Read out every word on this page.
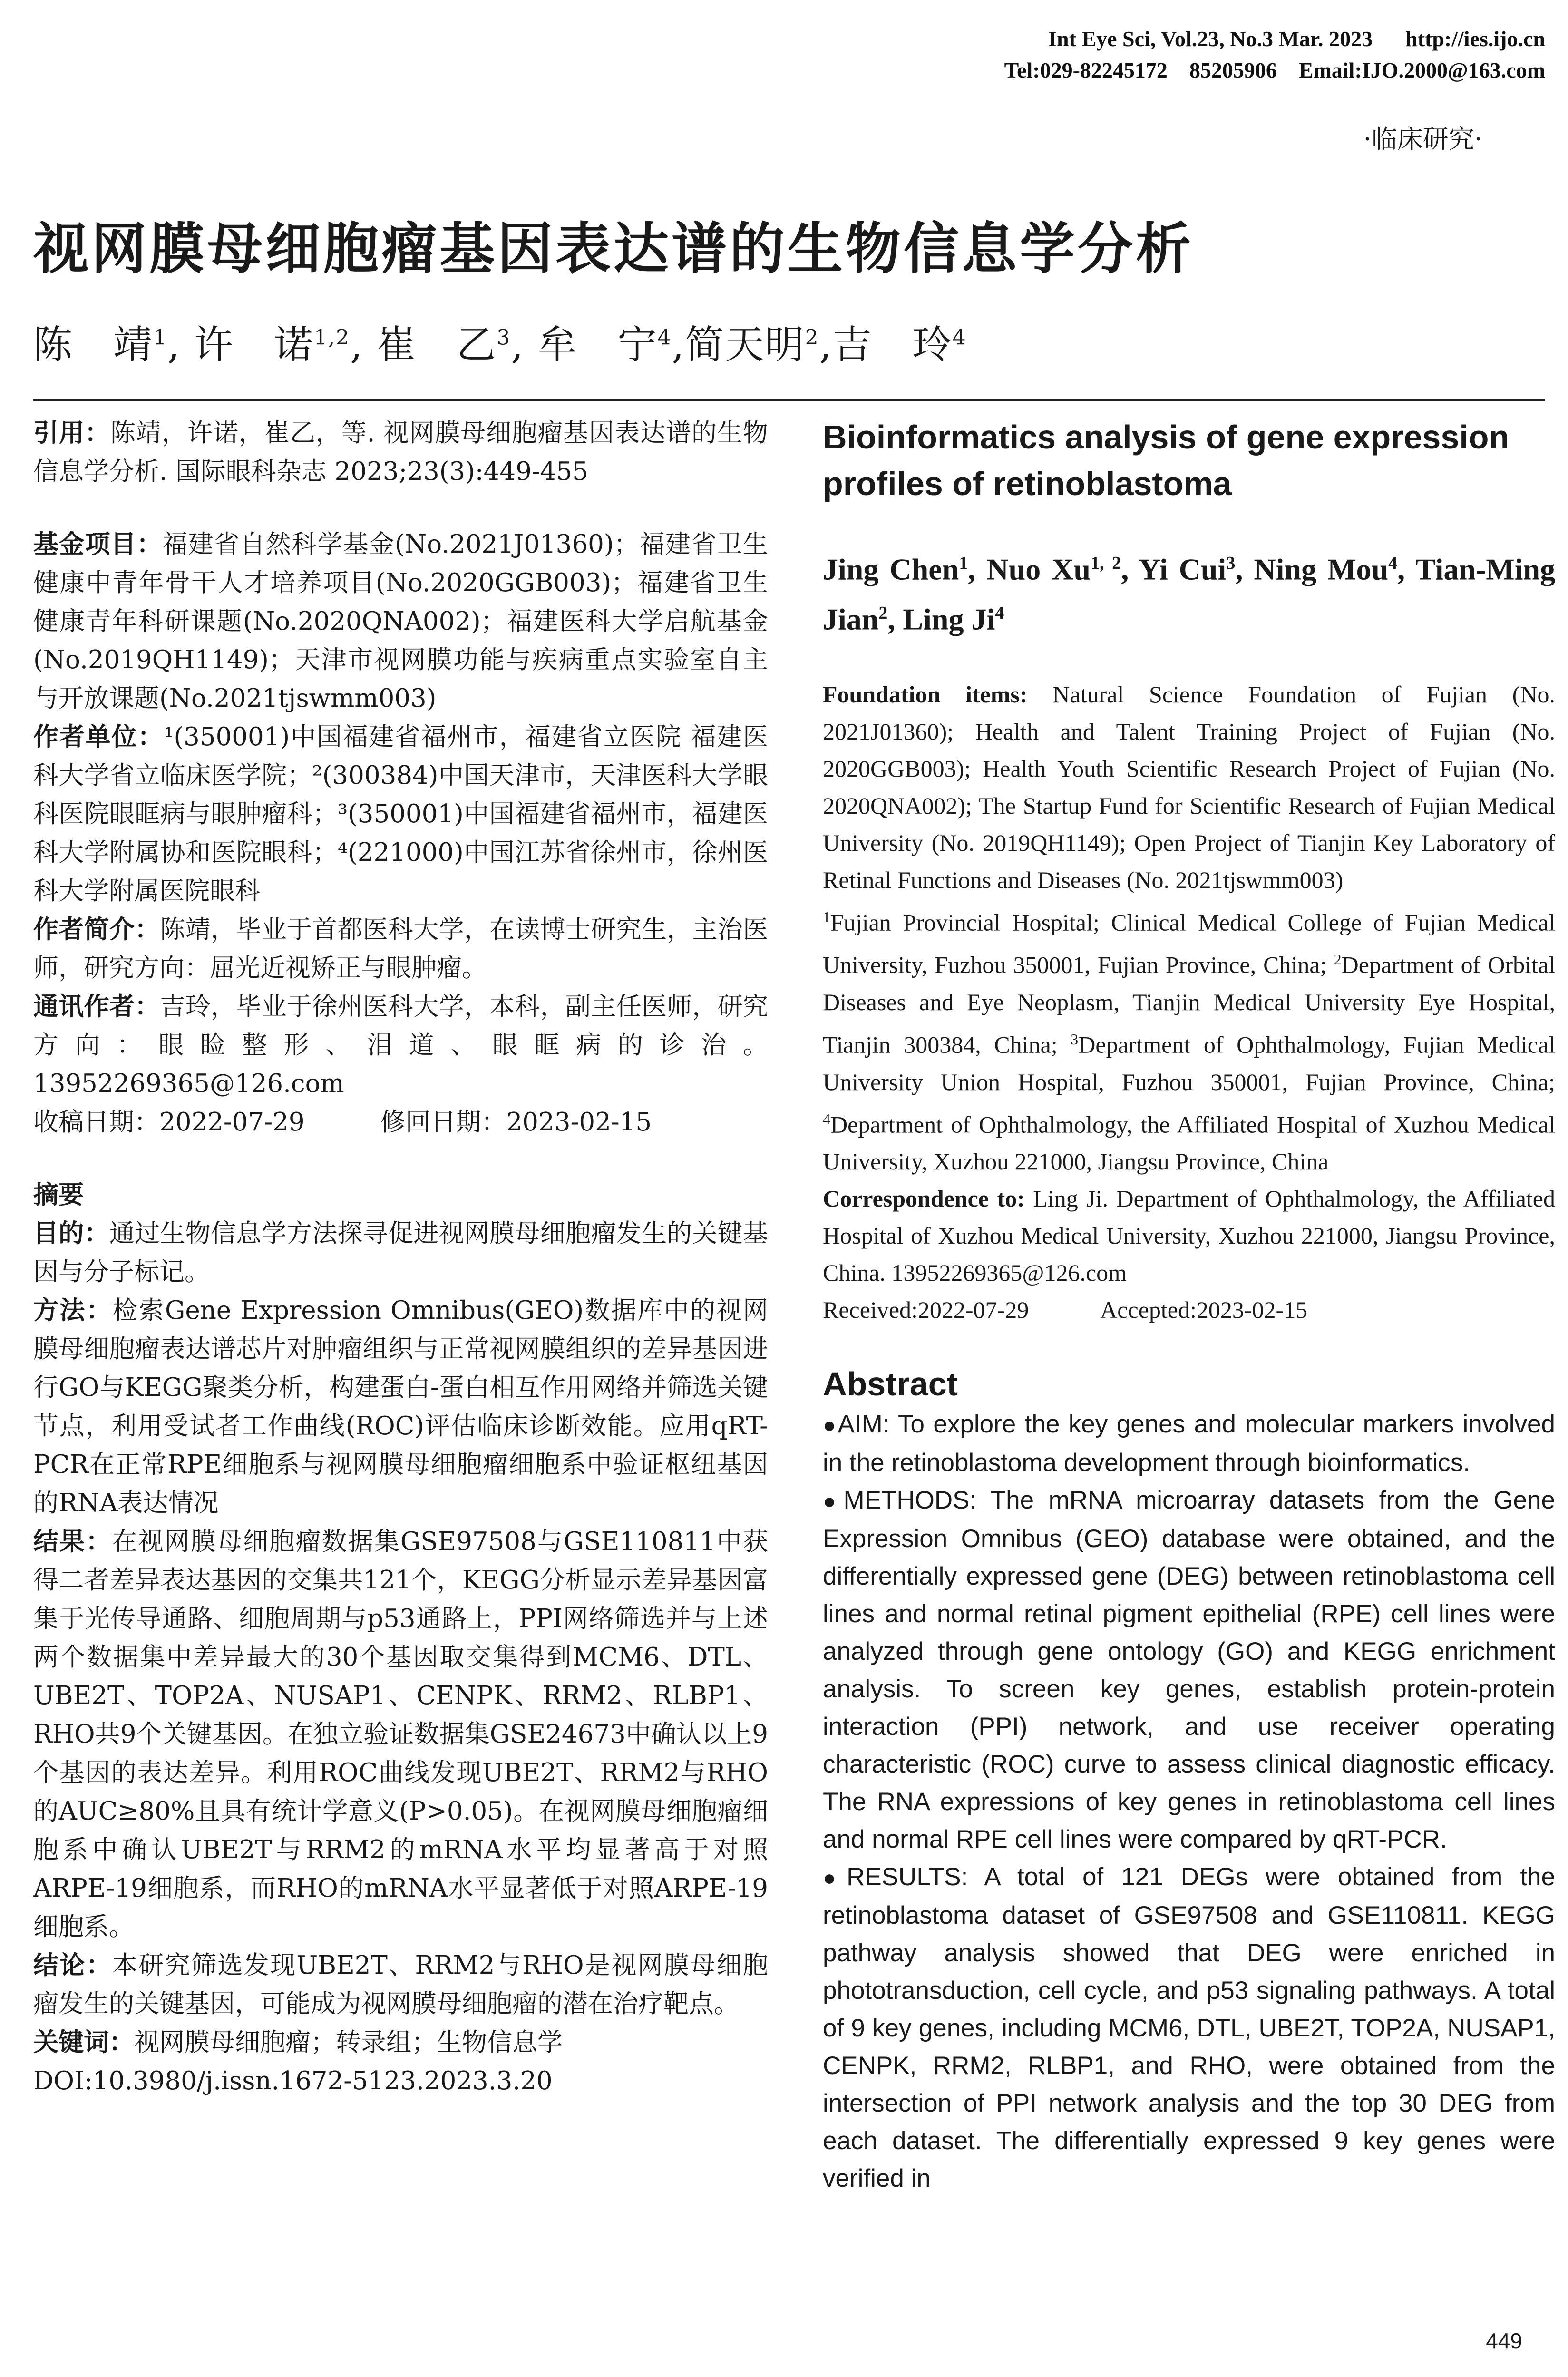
Int Eye Sci, Vol.23, No.3 Mar. 2023 http://ies.ijo.cn
Tel:029-82245172 85205906 Email:IJO.2000@163.com
·临床研究·
视网膜母细胞瘤基因表达谱的生物信息学分析
陈　靖$^1$, 许　诺$^{1,2}$, 崔　乙$^3$, 牟　宁$^4$,简天明$^2$,吉　玲$^4$

引用：陈靖，许诺，崔乙，等. 视网膜母细胞瘤基因表达谱的生物信息学分析. 国际眼科杂志 2023;23(3):449-455

基金项目：福建省自然科学基金(No.2021J01360)；福建省卫生健康中青年骨干人才培养项目(No.2020GGB003)；福建省卫生健康青年科研课题(No.2020QNA002)；福建医科大学启航基金(No.2019QH1149)；天津市视网膜功能与疾病重点实验室自主与开放课题(No.2021tjswmm003)

作者单位：¹(350001)中国福建省福州市，福建省立医院 福建医科大学省立临床医学院；²(300384)中国天津市，天津医科大学眼科医院眼眶病与眼肿瘤科；³(350001)中国福建省福州市，福建医科大学附属协和医院眼科；⁴(221000)中国江苏省徐州市，徐州医科大学附属医院眼科

作者简介：陈靖，毕业于首都医科大学，在读博士研究生，主治医师，研究方向：屈光近视矫正与眼肿瘤。

通讯作者：吉玲，毕业于徐州医科大学，本科，副主任医师，研究方向：眼睑整形、泪道、眼眶病的诊治。13952269365@126.com

收稿日期：2022-07-29　　　	修回日期：2023-02-15

摘要

目的：通过生物信息学方法探寻促进视网膜母细胞瘤发生的关键基因与分子标记。

方法：检索Gene Expression Omnibus(GEO)数据库中的视网膜母细胞瘤表达谱芯片对肿瘤组织与正常视网膜组织的差异基因进行GO与KEGG聚类分析，构建蛋白-蛋白相互作用网络并筛选关键节点，利用受试者工作曲线(ROC)评估临床诊断效能。应用qRT-PCR在正常RPE细胞系与视网膜母细胞瘤细胞系中验证枢纽基因的RNA表达情况

结果：在视网膜母细胞瘤数据集GSE97508与GSE110811中获得二者差异表达基因的交集共121个，KEGG分析显示差异基因富集于光传导通路、细胞周期与p53通路上，PPI网络筛选并与上述两个数据集中差异最大的30个基因取交集得到MCM6、DTL、UBE2T、TOP2A、NUSAP1、CENPK、RRM2、RLBP1、RHO共9个关键基因。在独立验证数据集GSE24673中确认以上9个基因的表达差异。利用ROC曲线发现UBE2T、RRM2与RHO的AUC≥80%且具有统计学意义(P>0.05)。在视网膜母细胞瘤细胞系中确认UBE2T与RRM2的mRNA水平均显著高于对照ARPE-19细胞系，而RHO的mRNA水平显著低于对照ARPE-19细胞系。

结论：本研究筛选发现UBE2T、RRM2与RHO是视网膜母细胞瘤发生的关键基因，可能成为视网膜母细胞瘤的潜在治疗靶点。

关键词：视网膜母细胞瘤；转录组；生物信息学

DOI:10.3980/j.issn.1672-5123.2023.3.20

Bioinformatics analysis of gene expression profiles of retinoblastoma

Jing Chen$^1$, Nuo Xu$^{1, 2}$, Yi Cui$^3$, Ning Mou$^4$, Tian-Ming Jian$^2$, Ling Ji$^4$

Foundation items: Natural Science Foundation of Fujian (No. 2021J01360); Health and Talent Training Project of Fujian (No. 2020GGB003); Health Youth Scientific Research Project of Fujian (No. 2020QNA002); The Startup Fund for Scientific Research of Fujian Medical University (No. 2019QH1149); Open Project of Tianjin Key Laboratory of Retinal Functions and Diseases (No. 2021tjswmm003)

$^1$Fujian Provincial Hospital; Clinical Medical College of Fujian Medical University, Fuzhou 350001, Fujian Province, China; $^2$Department of Orbital Diseases and Eye Neoplasm, Tianjin Medical University Eye Hospital, Tianjin 300384, China; $^3$Department of Ophthalmology, Fujian Medical University Union Hospital, Fuzhou 350001, Fujian Province, China; $^4$Department of Ophthalmology, the Affiliated Hospital of Xuzhou Medical University, Xuzhou 221000, Jiangsu Province, China

Correspondence to: Ling Ji. Department of Ophthalmology, the Affiliated Hospital of Xuzhou Medical University, Xuzhou 221000, Jiangsu Province, China. 13952269365@126.com

Received:2022-07-29　　　	Accepted:2023-02-15

Abstract

●AIM: To explore the key genes and molecular markers involved in the retinoblastoma development through bioinformatics.

●METHODS: The mRNA microarray datasets from the Gene Expression Omnibus (GEO) database were obtained, and the differentially expressed gene (DEG) between retinoblastoma cell lines and normal retinal pigment epithelial (RPE) cell lines were analyzed through gene ontology (GO) and KEGG enrichment analysis. To screen key genes, establish protein-protein interaction (PPI) network, and use receiver operating characteristic (ROC) curve to assess clinical diagnostic efficacy. The RNA expressions of key genes in retinoblastoma cell lines and normal RPE cell lines were compared by qRT-PCR.

●RESULTS: A total of 121 DEGs were obtained from the retinoblastoma dataset of GSE97508 and GSE110811. KEGG pathway analysis showed that DEG were enriched in phototransduction, cell cycle, and p53 signaling pathways. A total of 9 key genes, including MCM6, DTL, UBE2T, TOP2A, NUSAP1, CENPK, RRM2, RLBP1, and RHO, were obtained from the intersection of PPI network analysis and the top 30 DEG from each dataset. The differentially expressed 9 key genes were verified in

449
